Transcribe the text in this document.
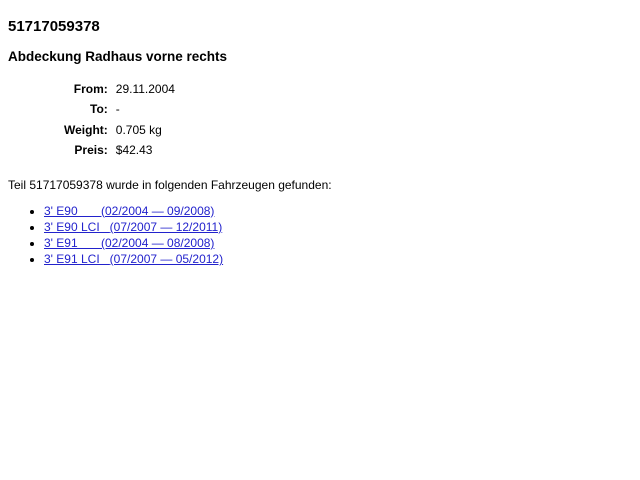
51717059378
Abdeckung Radhaus vorne rechts
From:	29.11.2004
To:	-
Weight:	0.705 kg
Preis:	$42.43

Teil 51717059378 wurde in folgenden Fahrzeugen gefunden:

• 3' E90       (02/2004 — 09/2008)
• 3' E90 LCI   (07/2007 — 12/2011)
• 3' E91       (02/2004 — 08/2008)
• 3' E91 LCI   (07/2007 — 05/2012)
